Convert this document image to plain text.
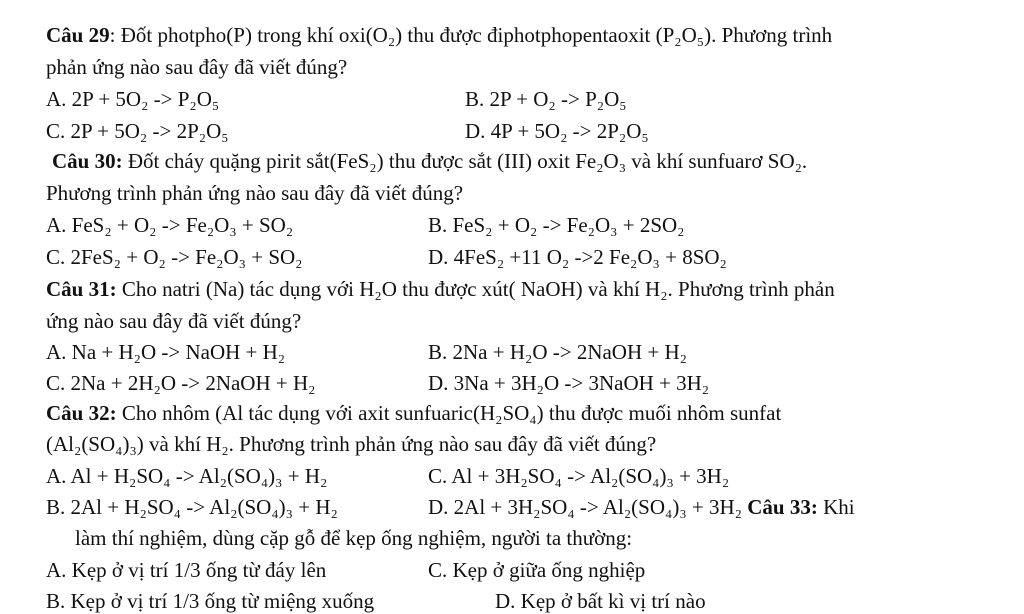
Câu 29: Đốt photpho(P) trong khí oxi(O₂) thu được điphotphopentaoxit (P₂O₅). Phương trình
phản ứng nào sau đây đã viết đúng?
A. 2P + 5O₂ -> P₂O₅	B. 2P + O₂ -> P₂O₅
C. 2P + 5O₂ -> 2P₂O₅	D. 4P + 5O₂ -> 2P₂O₅
Câu 30: Đốt cháy quặng pirit sắt(FeS₂) thu được sắt (III) oxit Fe₂O₃ và khí sunfuarơ SO₂.
Phương trình phản ứng nào sau đây đã viết đúng?
A. FeS₂ + O₂ -> Fe₂O₃ + SO₂	B. FeS₂ + O₂ -> Fe₂O₃ + 2SO₂
C. 2FeS₂ + O₂ -> Fe₂O₃ + SO₂	D. 4FeS₂ +11 O₂ ->2 Fe₂O₃ + 8SO₂
Câu 31: Cho natri (Na) tác dụng với H₂O thu được xút( NaOH) và khí H₂. Phương trình phản
ứng nào sau đây đã viết đúng?
A. Na + H₂O -> NaOH + H₂	B. 2Na + H₂O -> 2NaOH + H₂
C. 2Na + 2H₂O -> 2NaOH + H₂	D. 3Na + 3H₂O -> 3NaOH + 3H₂
Câu 32: Cho nhôm (Al tác dụng với axit sunfuaric(H₂SO₄) thu được muối nhôm sunfat
(Al₂(SO₄)₃) và khí H₂. Phương trình phản ứng nào sau đây đã viết đúng?
A. Al + H₂SO₄ -> Al₂(SO₄)₃ + H₂	C. Al + 3H₂SO₄ -> Al₂(SO₄)₃ + 3H₂
B. 2Al + H₂SO₄ -> Al₂(SO₄)₃ + H₂	D. 2Al + 3H₂SO₄ -> Al₂(SO₄)₃ + 3H₂ Câu 33: Khi
làm thí nghiệm, dùng cặp gỗ để kẹp ống nghiệm, người ta thường:
A. Kẹp ở vị trí 1/3 ống từ đáy lên	C. Kẹp ở giữa ống nghiệp
B. Kẹp ở vị trí 1/3 ống từ miệng xuống	D. Kẹp ở bất kì vị trí nào
